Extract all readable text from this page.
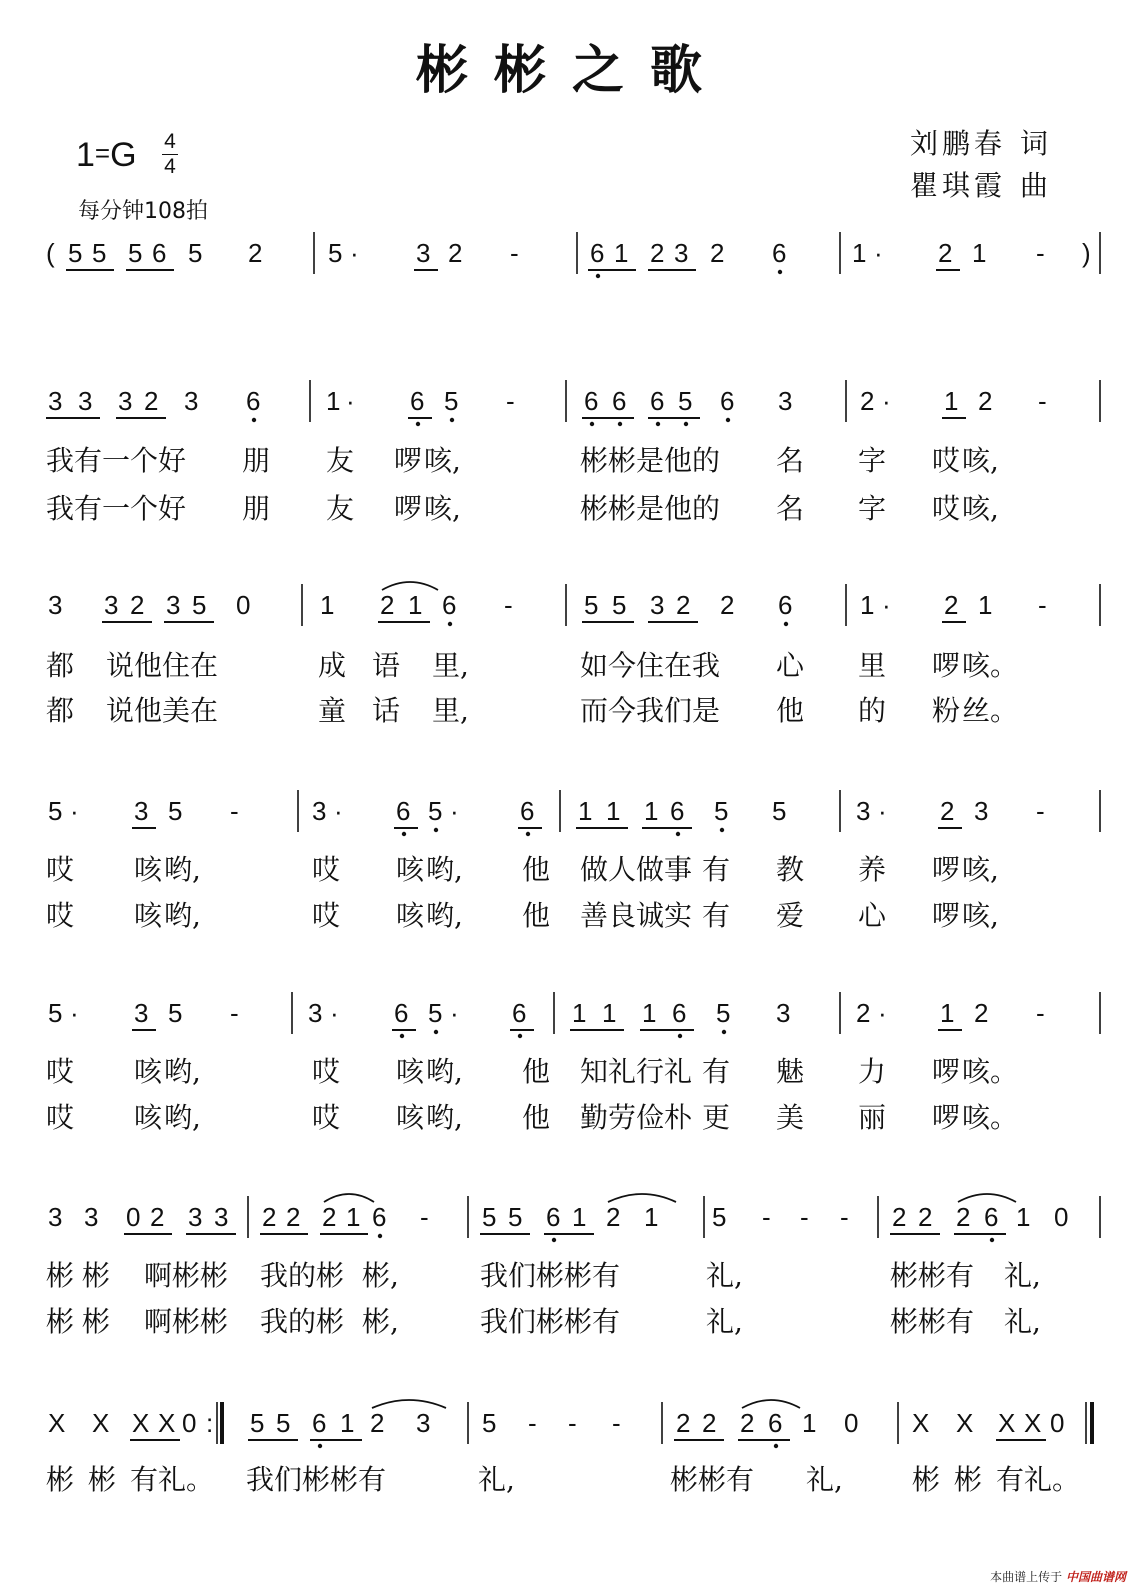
彬彬之歌
1=G 4
4
每分钟108拍
刘鹏春 词
瞿琪霞 曲
( 5 5 5 6 5 2	5 · 3 2 -	6 1 2 3 2 6	1 · 2 1 - )
3 3 3 2 3 6	1 · 6 5 -	6 6 6 5 6 3	2 · 1 2 -
我 有 一 个 好 朋 友 啰 咳,	彬 彬 是 他 的 名 字 哎 咳,
我 有 一 个 好 朋 友 啰 咳,	彬 彬 是 他 的 名 字 哎 咳,
3 3 2 3 5 0	1 2 1 6 -	5 5 3 2 2 6	1 · 2 1 -
都 说 他 住 在	成 语 里,	如 今 住 在 我 心 里 啰 咳。
都 说 他 美 在	童 话 里,	而 今 我 们 是 他 的 粉 丝。
5 · 3 5 -	3 · 6 5 · 6 1 1 1 6 5 5	3 · 2 3 -
哎 咳 哟,	哎 咳 哟, 他 做 人 做 事 有 教 养 啰 咳,
哎 咳 哟,	哎 咳 哟, 他 善 良 诚 实 有 爱 心 啰 咳,
5 · 3 5 -	3 · 6 5 · 6 1 1 1 6 5 3	2 · 1 2 -
哎 咳 哟,	哎 咳 哟, 他 知 礼 行 礼 有 魅 力 啰 咳。
哎 咳 哟,	哎 咳 哟, 他 勤 劳 俭 朴 更 美 丽 啰 咳。
3 3 0 2 3 3 2 2 2 1 6 - 5 5 6 1 2 1 5 - - - 2 2 2 6 1 0
彬 彬 啊 彬 彬 我 的 彬 彬,	我 们 彬 彬 有	礼,	彬 彬 有 礼,
彬 彬 啊 彬 彬 我 的 彬 彬,	我 们 彬 彬 有	礼,	彬 彬 有 礼,
X X X X 0 : 5 5 6 1 2 3 5 - - - 2 2 2 6 1 0 X X X X 0
彬 彬 有 礼。 我 们 彬 彬 有	礼,	彬 彬 有 礼, 彬 彬 有 礼。
本曲谱上传于 中国曲谱网
